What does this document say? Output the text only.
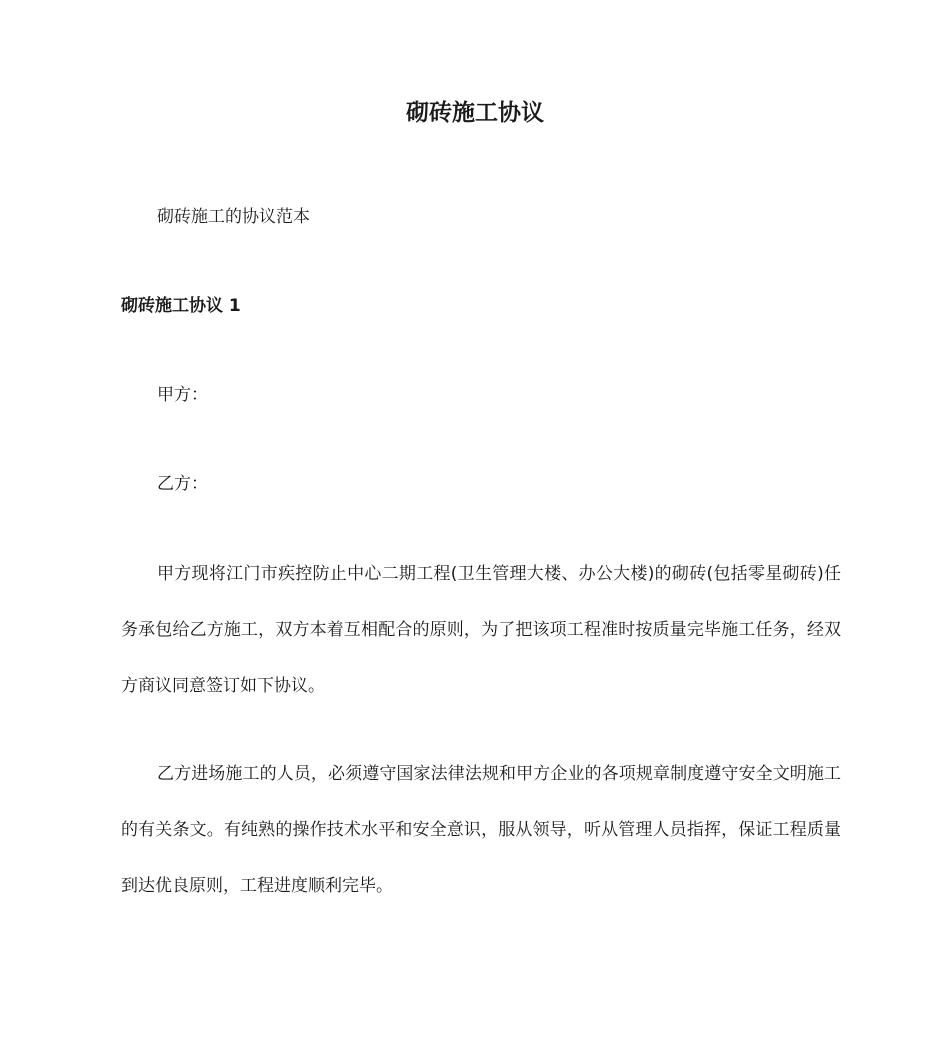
砌砖施工协议

砌砖施工的协议范本

砌砖施工协议 1

甲方：

乙方：

甲方现将江门市疾控防止中心二期工程(卫生管理大楼、办公大楼)的砌砖(包括零星砌砖)任务承包给乙方施工，双方本着互相配合的原则，为了把该项工程准时按质量完毕施工任务，经双方商议同意签订如下协议。

乙方进场施工的人员，必须遵守国家法律法规和甲方企业的各项规章制度遵守安全文明施工的有关条文。有纯熟的操作技术水平和安全意识，服从领导，听从管理人员指挥，保证工程质量到达优良原则，工程进度顺利完毕。
